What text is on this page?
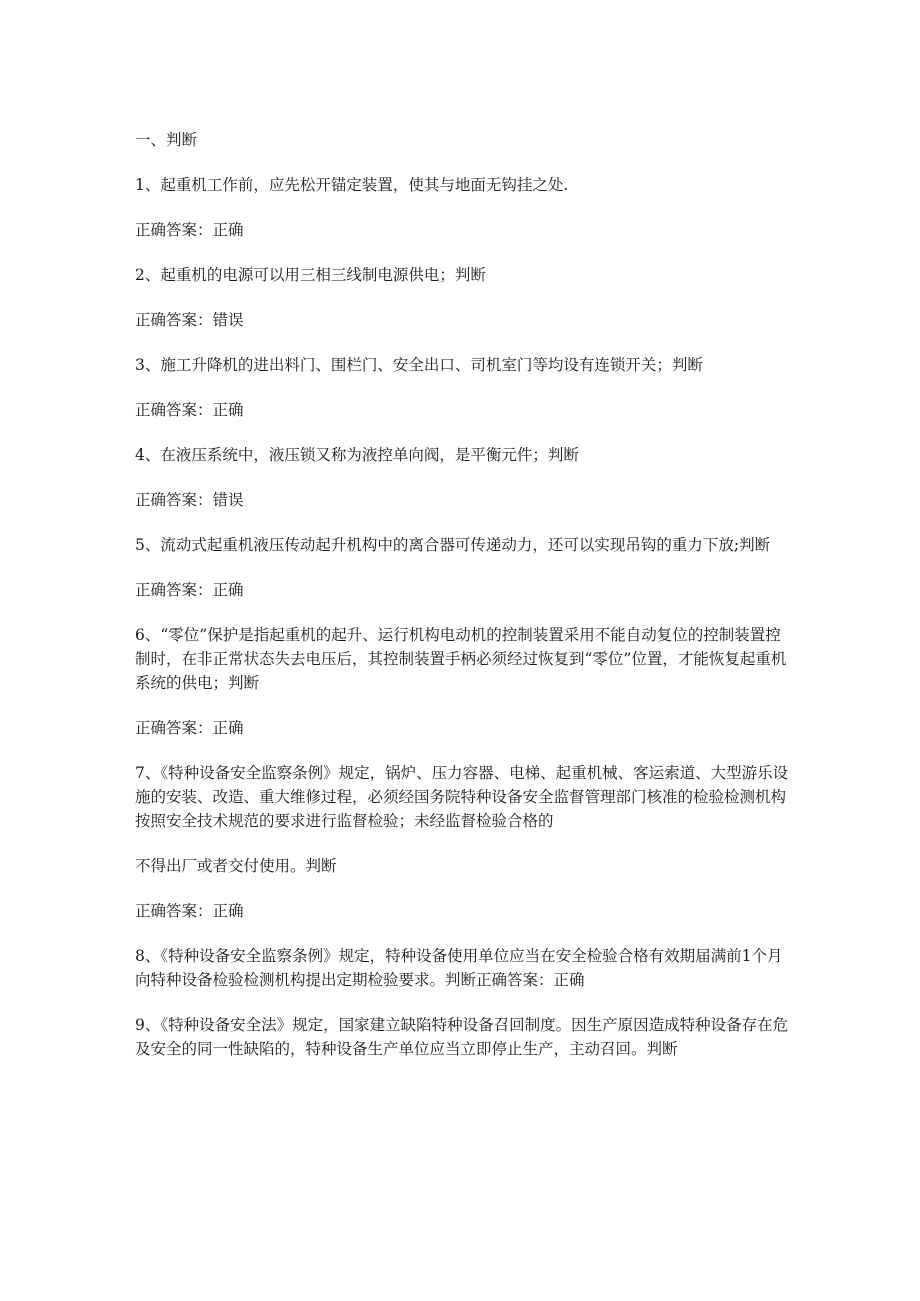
一、判断

1、起重机工作前，应先松开锚定装置，使其与地面无钩挂之处.

正确答案：正确

2、起重机的电源可以用三相三线制电源供电；判断

正确答案：错误

3、施工升降机的进出料门、围栏门、安全出口、司机室门等均设有连锁开关；判断

正确答案：正确

4、在液压系统中，液压锁又称为液控单向阀，是平衡元件；判断

正确答案：错误

5、流动式起重机液压传动起升机构中的离合器可传递动力，还可以实现吊钩的重力下放;判断

正确答案：正确

6、“零位”保护是指起重机的起升、运行机构电动机的控制装置采用不能自动复位的控制装置控制时，在非正常状态失去电压后，其控制装置手柄必须经过恢复到“零位”位置，才能恢复起重机系统的供电；判断

正确答案：正确

7、《特种设备安全监察条例》规定，锅炉、压力容器、电梯、起重机械、客运索道、大型游乐设施的安装、改造、重大维修过程，必须经国务院特种设备安全监督管理部门核准的检验检测机构按照安全技术规范的要求进行监督检验；未经监督检验合格的

不得出厂或者交付使用。判断

正确答案：正确

8、《特种设备安全监察条例》规定，特种设备使用单位应当在安全检验合格有效期届满前1个月向特种设备检验检测机构提出定期检验要求。判断正确答案：正确

9、《特种设备安全法》规定，国家建立缺陷特种设备召回制度。因生产原因造成特种设备存在危及安全的同一性缺陷的，特种设备生产单位应当立即停止生产，主动召回。判断
